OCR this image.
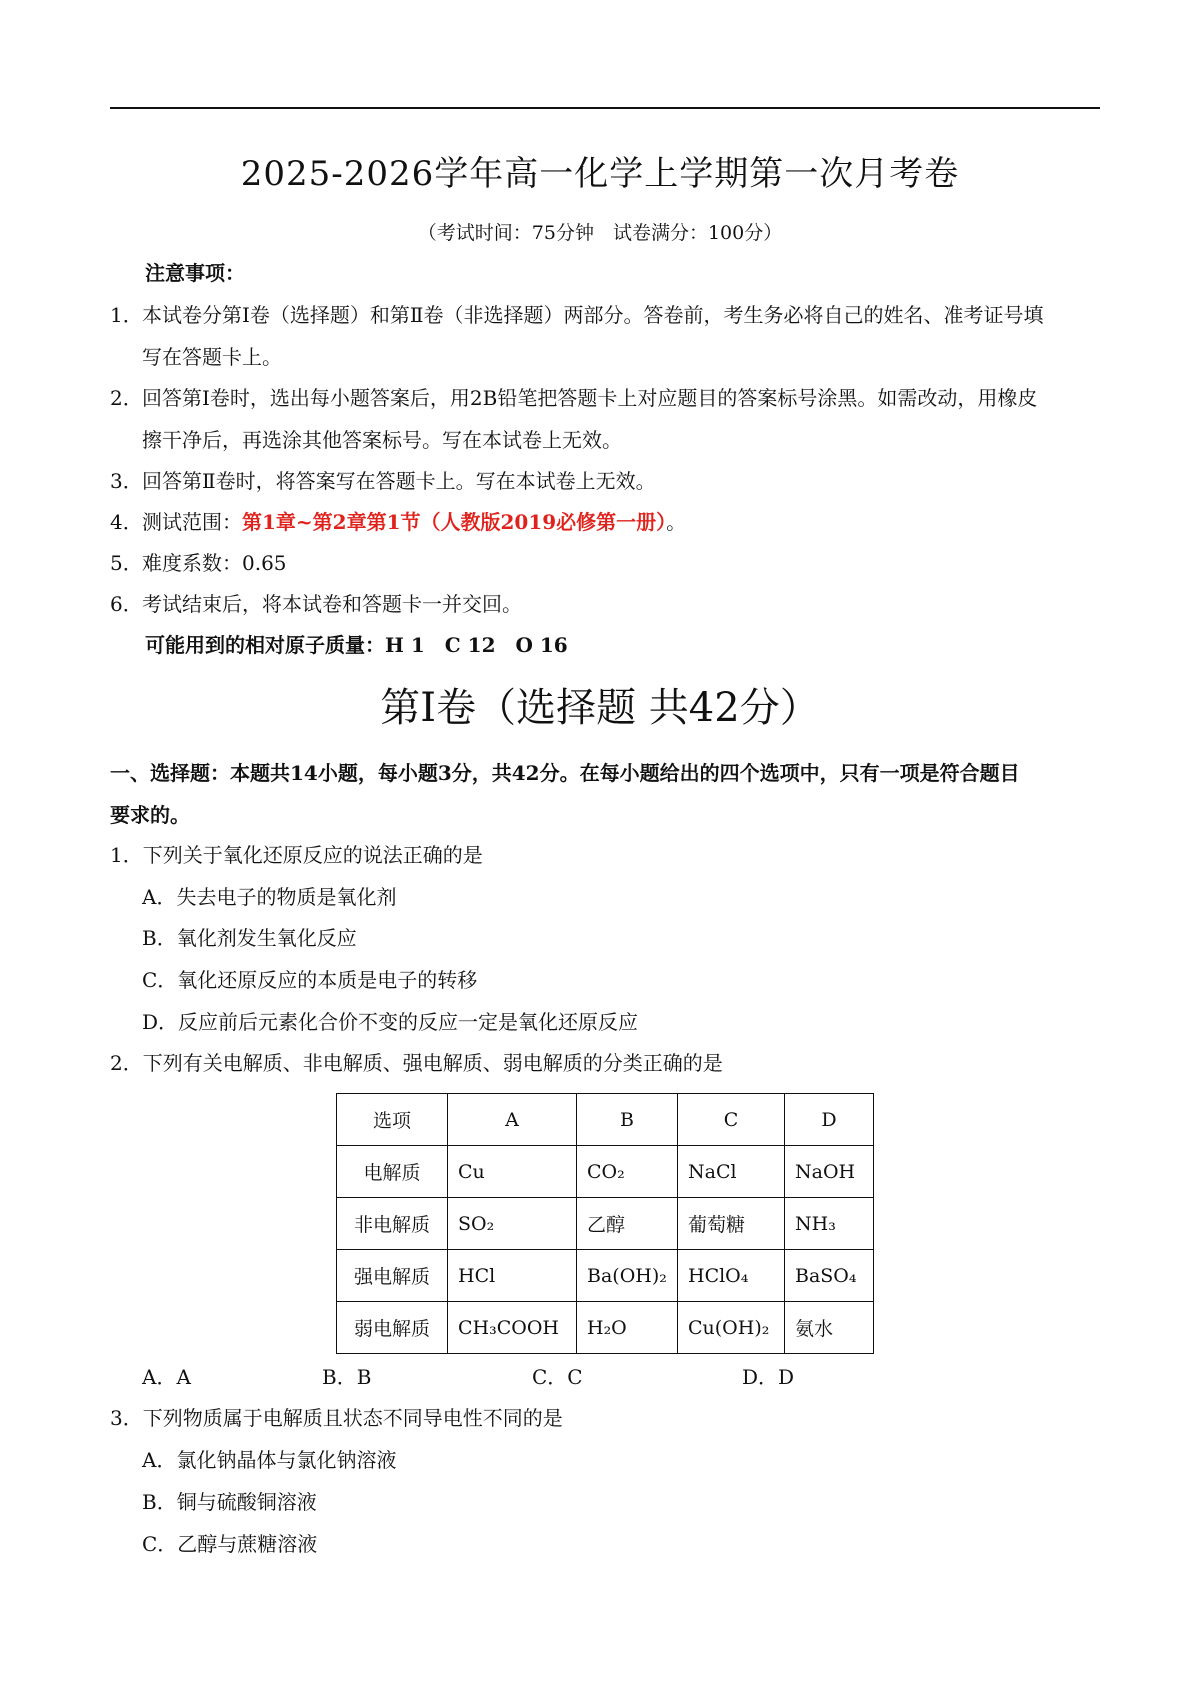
2025-2026学年高一化学上学期第一次月考卷
（考试时间：75分钟　试卷满分：100分）
注意事项：
1．本试卷分第Ⅰ卷（选择题）和第Ⅱ卷（非选择题）两部分。答卷前，考生务必将自己的姓名、准考证号填
写在答题卡上。
2．回答第Ⅰ卷时，选出每小题答案后，用2B铅笔把答题卡上对应题目的答案标号涂黑。如需改动，用橡皮
擦干净后，再选涂其他答案标号。写在本试卷上无效。
3．回答第Ⅱ卷时，将答案写在答题卡上。写在本试卷上无效。
4．测试范围：第1章~第2章第1节（人教版2019必修第一册）。
5．难度系数：0.65
6．考试结束后，将本试卷和答题卡一并交回。
可能用到的相对原子质量：H 1　C 12　O 16
第Ⅰ卷（选择题 共42分）
一、选择题：本题共14小题，每小题3分，共42分。在每小题给出的四个选项中，只有一项是符合题目
要求的。
1．下列关于氧化还原反应的说法正确的是
A．失去电子的物质是氧化剂
B．氧化剂发生氧化反应
C．氧化还原反应的本质是电子的转移
D．反应前后元素化合价不变的反应一定是氧化还原反应
2．下列有关电解质、非电解质、强电解质、弱电解质的分类正确的是
选项	A	B	C	D
电解质	Cu	CO₂	NaCl	NaOH
非电解质	SO₂	乙醇	葡萄糖	NH₃
强电解质	HCl	Ba(OH)₂	HClO₄	BaSO₄
弱电解质	CH₃COOH	H₂O	Cu(OH)₂	氨水
A．A	B．B	C．C	D．D
3．下列物质属于电解质且状态不同导电性不同的是
A．氯化钠晶体与氯化钠溶液
B．铜与硫酸铜溶液
C．乙醇与蔗糖溶液
